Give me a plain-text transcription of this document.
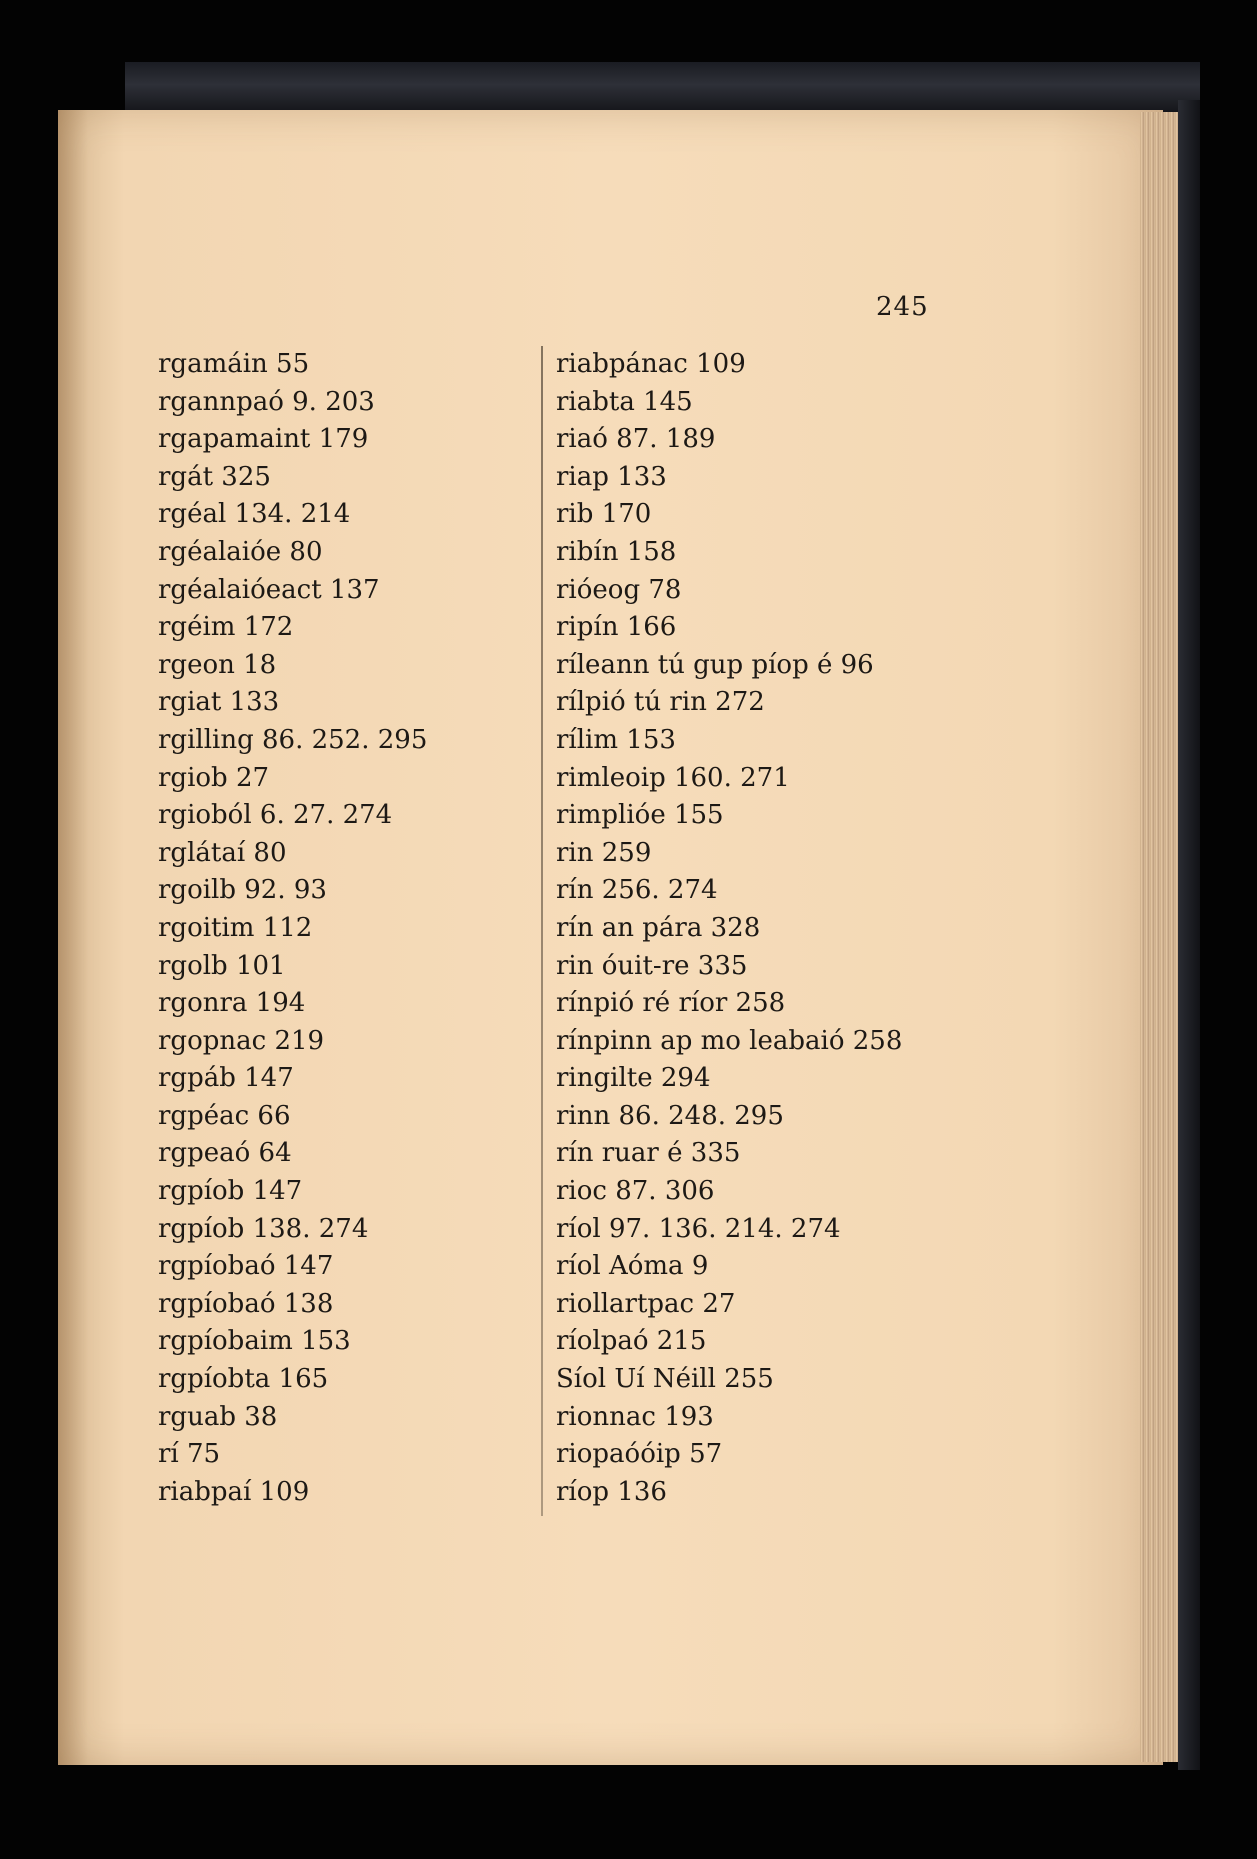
245
rgamáin 55
rgannpaó 9. 203
rgapamaint 179
rgát 325
rgéal 134. 214
rgéalaióe 80
rgéalaióeact 137
rgéim 172
rgeon 18
rgiat 133
rgilling 86. 252. 295
rgiob 27
rgioból 6. 27. 274
rglátaí 80
rgoilb 92. 93
rgoitim 112
rgolb 101
rgonra 194
rgopnac 219
rgpáb 147
rgpéac 66
rgpeaó 64
rgpíob 147
rgpíob 138. 274
rgpíobaó 147
rgpíobaó 138
rgpíobaim 153
rgpíobta 165
rguab 38
rí 75
riabpaí 109
riabpánac 109
riabta 145
riaó 87. 189
riap 133
rib 170
ribín 158
rióeog 78
ripín 166
ríleann tú gup píop é 96
rílpió tú rin 272
rílim 153
rimleoip 160. 271
rimplióe 155
rin 259
rín 256. 274
rín an pára 328
rin óuit-re 335
rínpió ré ríor 258
rínpinn ap mo leabaió 258
ringilte 294
rinn 86. 248. 295
rín ruar é 335
rioc 87. 306
ríol 97. 136. 214. 274
ríol Aóma 9
riollartpac 27
ríolpaó 215
Síol Uí Néill 255
rionnac 193
riopaóóip 57
ríop 136
